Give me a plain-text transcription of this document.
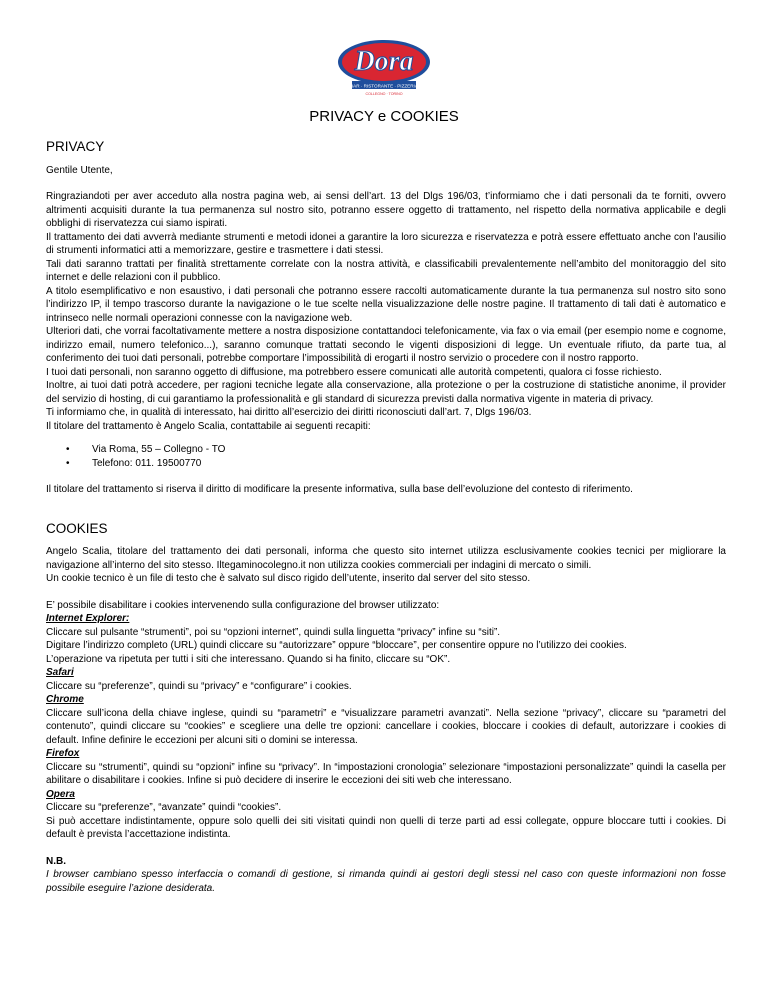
Dora
BAR · RISTORANTE · PIZZERIA
COLLEGNO · TORINO
PRIVACY e COOKIES
PRIVACY

Gentile Utente,

Ringraziandoti per aver acceduto alla nostra pagina web, ai sensi dell’art. 13 del Dlgs 196/03, t’informiamo che i dati personali da te forniti, ovvero altrimenti acquisiti durante la tua permanenza sul nostro sito, potranno essere oggetto di trattamento, nel rispetto della normativa applicabile e degli obblighi di riservatezza cui siamo ispirati.

Il trattamento dei dati avverrà mediante strumenti e metodi idonei a garantire la loro sicurezza e riservatezza e potrà essere effettuato anche con l’ausilio di strumenti informatici atti a memorizzare, gestire e trasmettere i dati stessi.

Tali dati saranno trattati per finalità strettamente correlate con la nostra attività, e classificabili prevalentemente nell’ambito del monitoraggio del sito internet e delle relazioni con il pubblico.

A titolo esemplificativo e non esaustivo, i dati personali che potranno essere raccolti automaticamente durante la tua permanenza sul nostro sito sono l’indirizzo IP, il tempo trascorso durante la navigazione o le tue scelte nella visualizzazione delle nostre pagine. Il trattamento di tali dati è automatico e intrinseco nelle normali operazioni connesse con la navigazione web.

Ulteriori dati, che vorrai facoltativamente mettere a nostra disposizione contattandoci telefonicamente, via fax o via email (per esempio nome e cognome, indirizzo email, numero telefonico...), saranno comunque trattati secondo le vigenti disposizioni di legge. Un eventuale rifiuto, da parte tua, al conferimento dei tuoi dati personali, potrebbe comportare l’impossibilità di erogarti il nostro servizio o procedere con il nostro rapporto.

I tuoi dati personali, non saranno oggetto di diffusione, ma potrebbero essere comunicati alle autorità competenti, qualora ci fosse richiesto.

Inoltre, ai tuoi dati potrà accedere, per ragioni tecniche legate alla conservazione, alla protezione o per la costruzione di statistiche anonime, il provider del servizio di hosting, di cui garantiamo la professionalità e gli standard di sicurezza previsti dalla normativa vigente in materia di privacy.

Ti informiamo che, in qualità di interessato, hai diritto all’esercizio dei diritti riconosciuti dall’art. 7, Dlgs 196/03.

Il titolare del trattamento è Angelo Scalia, contattabile ai seguenti recapiti:

• Via Roma, 55 – Collegno - TO
• Telefono: 011. 19500770

Il titolare del trattamento si riserva il diritto di modificare la presente informativa, sulla base dell’evoluzione del contesto di riferimento.

COOKIES

Angelo Scalia, titolare del trattamento dei dati personali, informa che questo sito internet utilizza esclusivamente cookies tecnici per migliorare la navigazione all’interno del sito stesso. Iltegaminocolegno.it non utilizza cookies commerciali per indagini di mercato o simili.

Un cookie tecnico è un file di testo che è salvato sul disco rigido dell’utente, inserito dal server del sito stesso.

E’ possibile disabilitare i cookies intervenendo sulla configurazione del browser utilizzato:

Internet Explorer:

Cliccare sul pulsante “strumenti”, poi su “opzioni internet”, quindi sulla linguetta “privacy” infine su “siti”.

Digitare l’indirizzo completo (URL) quindi cliccare su “autorizzare” oppure “bloccare”, per consentire oppure no l’utilizzo dei cookies.

L’operazione va ripetuta per tutti i siti che interessano. Quando si ha finito, cliccare su “OK”.

Safari

Cliccare su “preferenze”, quindi su “privacy” e “configurare” i cookies.

Chrome

Cliccare sull’icona della chiave inglese, quindi su “parametri” e “visualizzare parametri avanzati”. Nella sezione “privacy”, cliccare su “parametri del contenuto”, quindi cliccare su “cookies” e scegliere una delle tre opzioni: cancellare i cookies, bloccare i cookies di default, autorizzare i cookies di default. Infine definire le eccezioni per alcuni siti o domini se interessa.

Firefox

Cliccare su “strumenti”, quindi su “opzioni” infine su “privacy”. In “impostazioni cronologia” selezionare “impostazioni personalizzate” quindi la casella per abilitare o disabilitare i cookies. Infine si può decidere di inserire le eccezioni dei siti web che interessano.

Opera

Cliccare su “preferenze”, “avanzate” quindi “cookies”.

Si può accettare indistintamente, oppure solo quelli dei siti visitati quindi non quelli di terze parti ad essi collegate, oppure bloccare tutti i cookies. Di default è prevista l’accettazione indistinta.

N.B.

I browser cambiano spesso interfaccia o comandi di gestione, si rimanda quindi ai gestori degli stessi nel caso con queste informazioni non fosse possibile eseguire l’azione desiderata.
